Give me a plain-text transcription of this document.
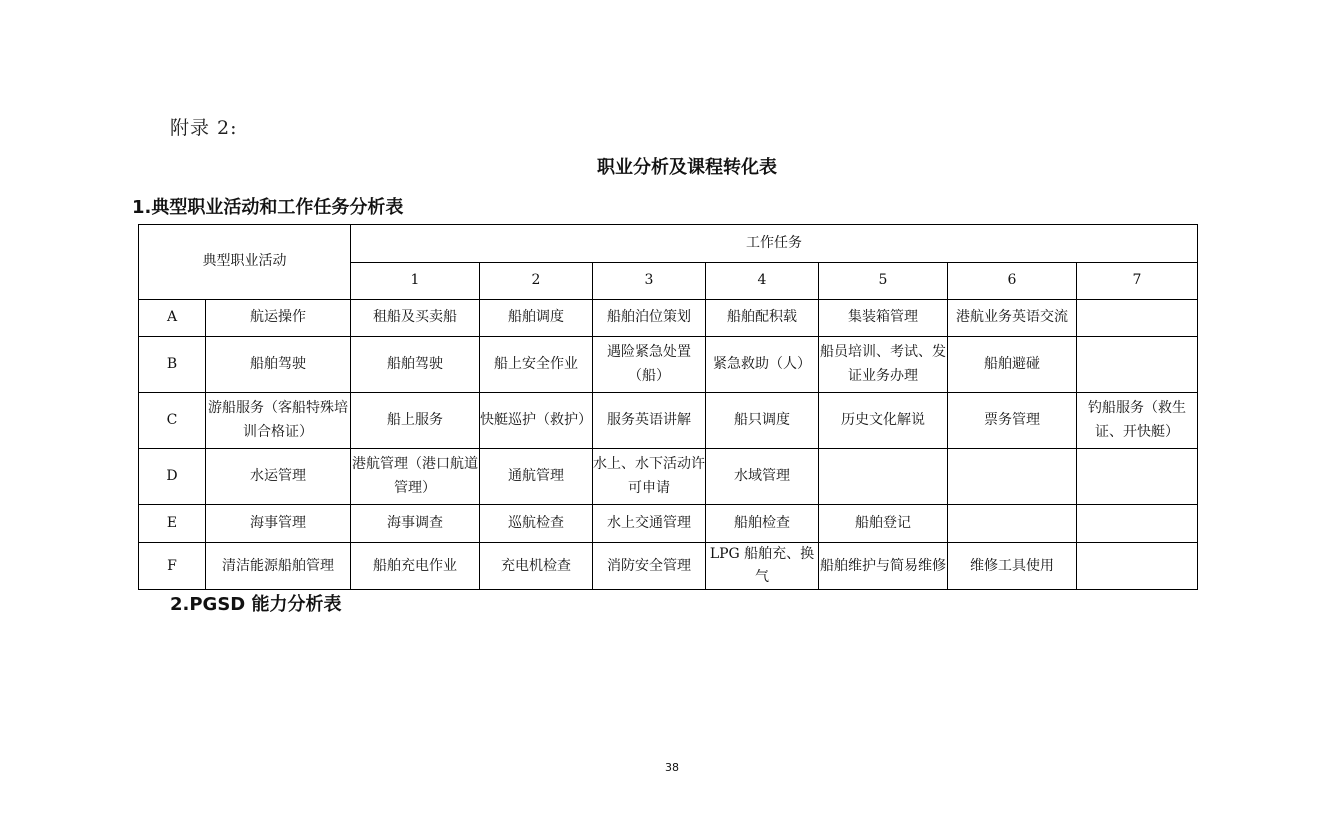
附录 2:
职业分析及课程转化表
1.典型职业活动和工作任务分析表
典型职业活动		工作任务						
		1	2	3	4	5	6	7
A	航运操作	租船及买卖船	船舶调度	船舶泊位策划	船舶配积载	集装箱管理	港航业务英语交流	
B	船舶驾驶	船舶驾驶	船上安全作业	遇险紧急处置（船）	紧急救助（人）	船员培训、考试、发证业务办理	船舶避碰	
C	游船服务（客船特殊培训合格证）	船上服务	快艇巡护（救护）	服务英语讲解	船只调度	历史文化解说	票务管理	钓船服务（救生证、开快艇）
D	水运管理	港航管理（港口航道管理）	通航管理	水上、水下活动许可申请	水域管理			
E	海事管理	海事调查	巡航检查	水上交通管理	船舶检查	船舶登记		
F	清洁能源船舶管理	船舶充电作业	充电机检查	消防安全管理	LPG 船舶充、换气	船舶维护与简易维修	维修工具使用	
2.PGSD 能力分析表
38
